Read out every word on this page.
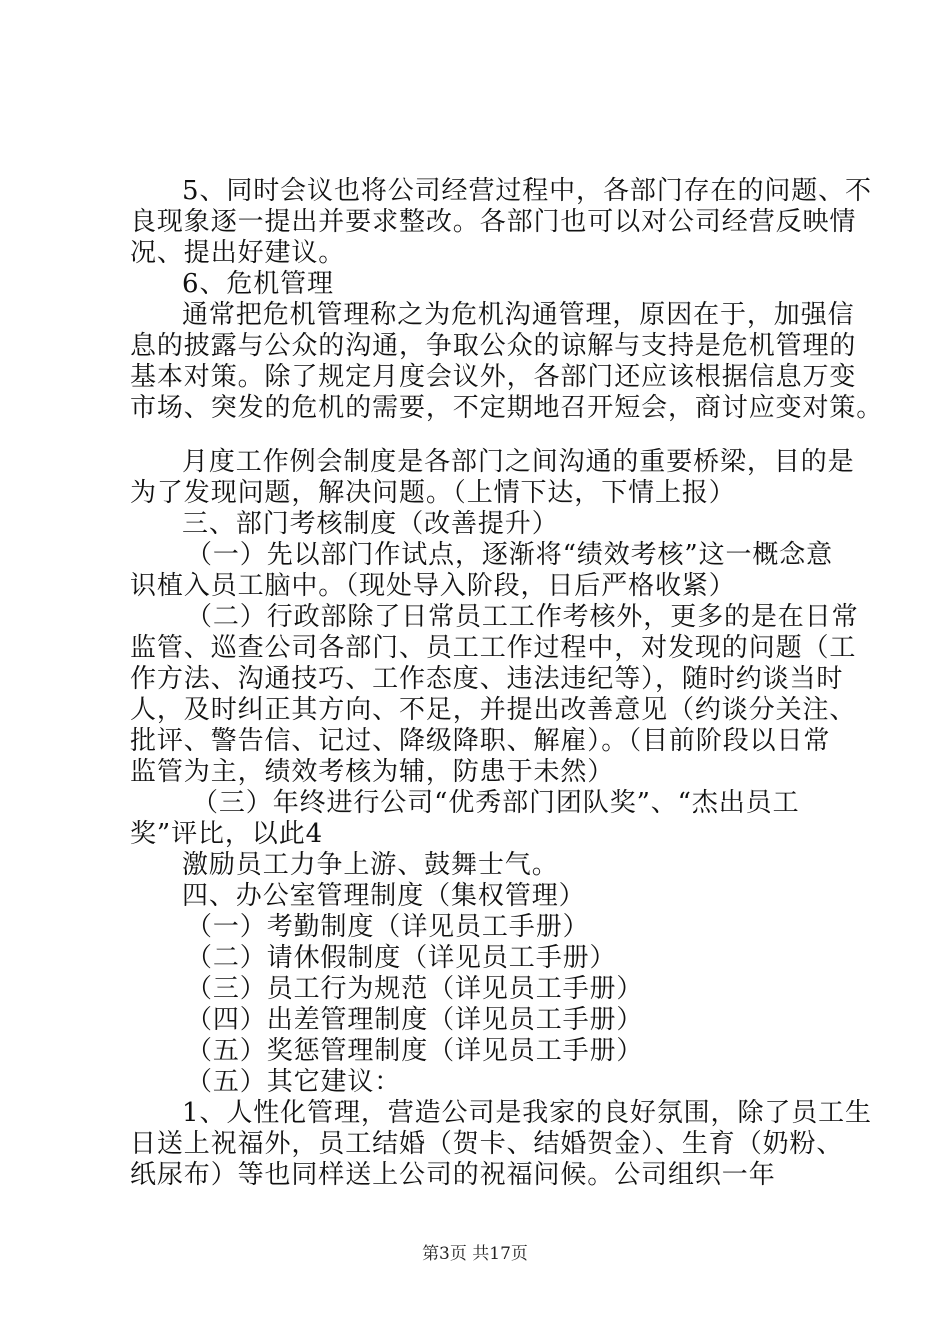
5、同时会议也将公司经营过程中，各部门存在的问题、不
良现象逐一提出并要求整改。各部门也可以对公司经营反映情
况、提出好建议。
6、危机管理
通常把危机管理称之为危机沟通管理，原因在于，加强信
息的披露与公众的沟通，争取公众的谅解与支持是危机管理的
基本对策。除了规定月度会议外，各部门还应该根据信息万变
市场、突发的危机的需要，不定期地召开短会，商讨应变对策。
月度工作例会制度是各部门之间沟通的重要桥梁，目的是
为了发现问题，解决问题。（上情下达，下情上报）
三、部门考核制度（改善提升）
（一）先以部门作试点，逐渐将“绩效考核”这一概念意
识植入员工脑中。（现处导入阶段，日后严格收紧）
（二）行政部除了日常员工工作考核外，更多的是在日常
监管、巡查公司各部门、员工工作过程中，对发现的问题（工
作方法、沟通技巧、工作态度、违法违纪等），随时约谈当时
人，及时纠正其方向、不足，并提出改善意见（约谈分关注、
批评、警告信、记过、降级降职、解雇）。（目前阶段以日常
监管为主，绩效考核为辅，防患于未然）
（三）年终进行公司“优秀部门团队奖”、“杰出员工
奖”评比，以此4
激励员工力争上游、鼓舞士气。
四、办公室管理制度（集权管理）
（一）考勤制度（详见员工手册）
（二）请休假制度（详见员工手册）
（三）员工行为规范（详见员工手册）
（四）出差管理制度（详见员工手册）
（五）奖惩管理制度（详见员工手册）
（五）其它建议：
1、人性化管理，营造公司是我家的良好氛围，除了员工生
日送上祝福外，员工结婚（贺卡、结婚贺金）、生育（奶粉、
纸尿布）等也同样送上公司的祝福问候。公司组织一年
第3页 共17页
